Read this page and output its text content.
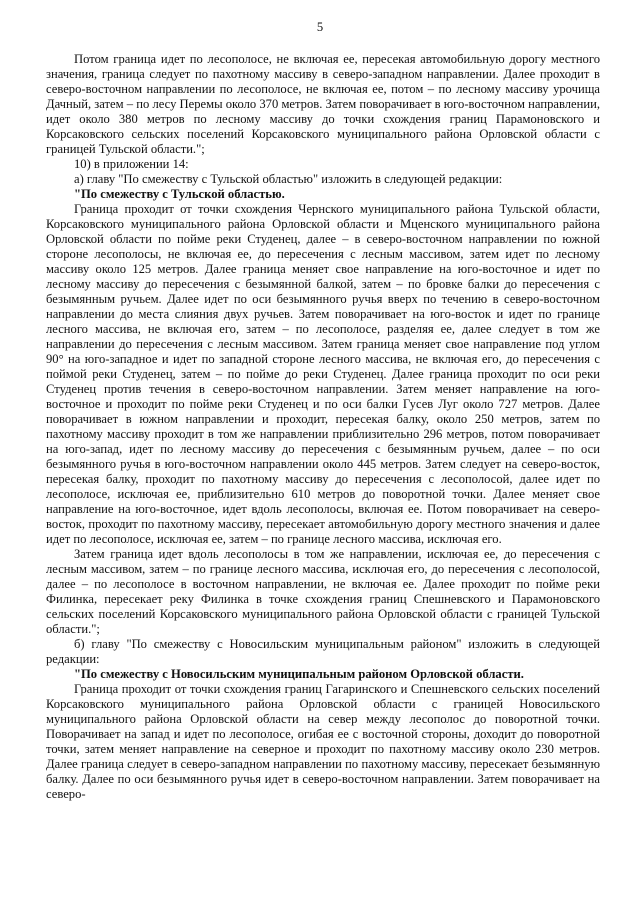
5

Потом граница идет по лесополосе, не включая ее, пересекая автомобильную дорогу местного значения, граница следует по пахотному массиву в северо-западном направлении. Далее проходит в северо-восточном направлении по лесополосе, не включая ее, потом – по лесному массиву урочища Дачный, затем – по лесу Перемы около 370 метров. Затем поворачивает в юго-восточном направлении, идет около 380 метров по лесному массиву до точки схождения границ Парамоновского и Корсаковского сельских поселений Корсаковского муниципального района Орловской области с границей Тульской области.";

10) в приложении 14:

а) главу "По смежеству с Тульской областью" изложить в следующей редакции:

"По смежеству с Тульской областью.

Граница проходит от точки схождения Чернского муниципального района Тульской области, Корсаковского муниципального района Орловской области и Мценского муниципального района Орловской области по пойме реки Студенец, далее – в северо-восточном направлении по южной стороне лесополосы, не включая ее, до пересечения с лесным массивом, затем идет по лесному массиву около 125 метров. Далее граница меняет свое направление на юго-восточное и идет по лесному массиву до пересечения с безымянной балкой, затем – по бровке балки до пересечения с безымянным ручьем. Далее идет по оси безымянного ручья вверх по течению в северо-восточном направлении до места слияния двух ручьев. Затем поворачивает на юго-восток и идет по границе лесного массива, не включая его, затем – по лесополосе, разделяя ее, далее следует в том же направлении до пересечения с лесным массивом. Затем граница меняет свое направление под углом 90° на юго-западное и идет по западной стороне лесного массива, не включая его, до пересечения с поймой реки Студенец, затем – по пойме до реки Студенец. Далее граница проходит по оси реки Студенец против течения в северо-восточном направлении. Затем меняет направление на юго-восточное и проходит по пойме реки Студенец и по оси балки Гусев Луг около 727 метров. Далее поворачивает в южном направлении и проходит, пересекая балку, около 250 метров, затем по пахотному массиву проходит в том же направлении приблизительно 296 метров, потом поворачивает на юго-запад, идет по лесному массиву до пересечения с безымянным ручьем, далее – по оси безымянного ручья в юго-восточном направлении около 445 метров. Затем следует на северо-восток, пересекая балку, проходит по пахотному массиву до пересечения с лесополосой, далее идет по лесополосе, исключая ее, приблизительно 610 метров до поворотной точки. Далее меняет свое направление на юго-восточное, идет вдоль лесополосы, включая ее. Потом поворачивает на северо-восток, проходит по пахотному массиву, пересекает автомобильную дорогу местного значения и далее идет по лесополосе, исключая ее, затем – по границе лесного массива, исключая его.

Затем граница идет вдоль лесополосы в том же направлении, исключая ее, до пересечения с лесным массивом, затем – по границе лесного массива, исключая его, до пересечения с лесополосой, далее – по лесополосе в восточном направлении, не включая ее. Далее проходит по пойме реки Филинка, пересекает реку Филинка в точке схождения границ Спешневского и Парамоновского сельских поселений Корсаковского муниципального района Орловской области с границей Тульской области.";

б) главу "По смежеству с Новосильским муниципальным районом" изложить в следующей редакции:

"По смежеству с Новосильским муниципальным районом Орловской области.

Граница проходит от точки схождения границ Гагаринского и Спешневского сельских поселений Корсаковского муниципального района Орловской области с границей Новосильского муниципального района Орловской области на север между лесополос до поворотной точки. Поворачивает на запад и идет по лесополосе, огибая ее с восточной стороны, доходит до поворотной точки, затем меняет направление на северное и проходит по пахотному массиву около 230 метров. Далее граница следует в северо-западном направлении по пахотному массиву, пересекает безымянную балку. Далее по оси безымянного ручья идет в северо-восточном направлении. Затем поворачивает на северо-
